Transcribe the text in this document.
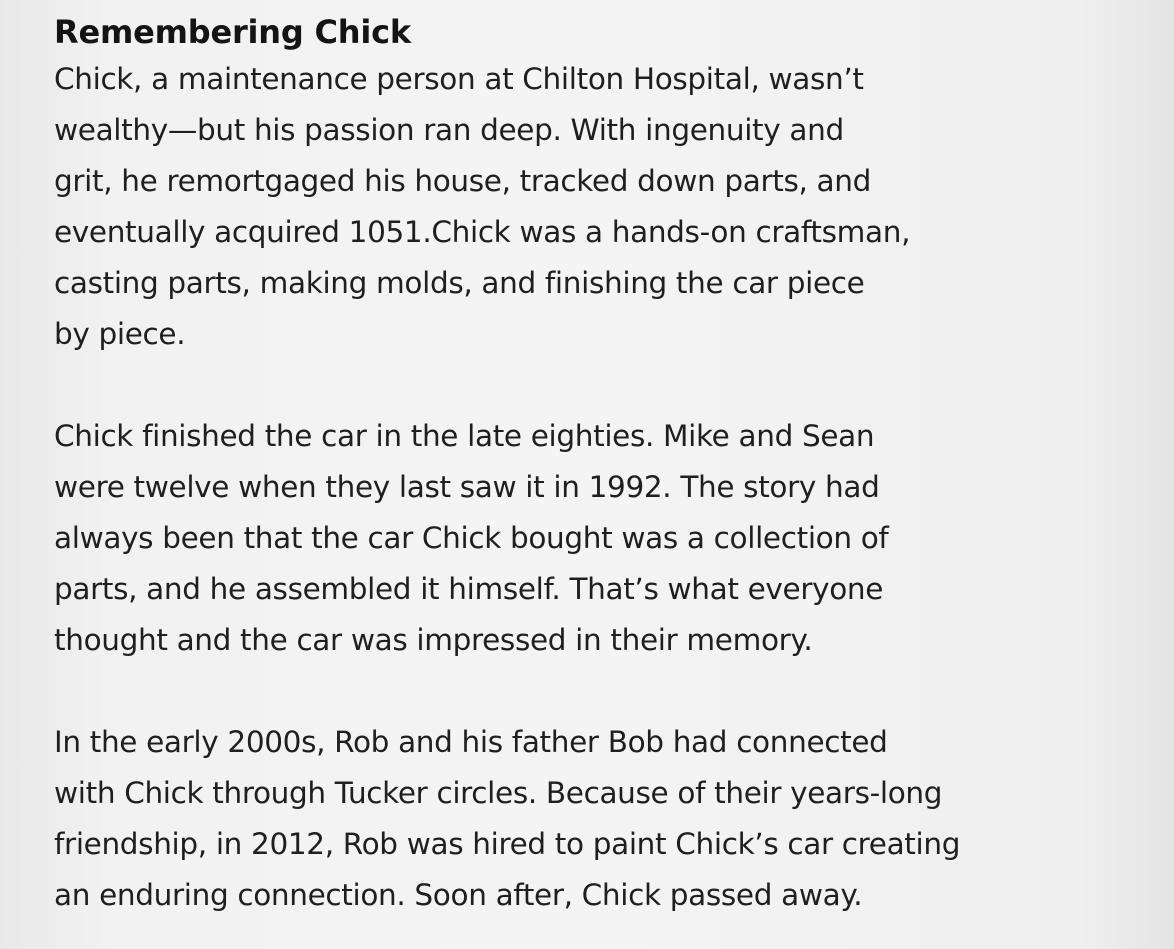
Remembering Chick

Chick, a maintenance person at Chilton Hospital, wasn’t
wealthy—but his passion ran deep. With ingenuity and
grit, he remortgaged his house, tracked down parts, and
eventually acquired 1051.Chick was a hands-on craftsman,
casting parts, making molds, and finishing the car piece
by piece.

Chick finished the car in the late eighties. Mike and Sean
were twelve when they last saw it in 1992. The story had
always been that the car Chick bought was a collection of
parts, and he assembled it himself. That’s what everyone
thought and the car was impressed in their memory.

In the early 2000s, Rob and his father Bob had connected
with Chick through Tucker circles. Because of their years-long
friendship, in 2012, Rob was hired to paint Chick’s car creating
an enduring connection. Soon after, Chick passed away.
